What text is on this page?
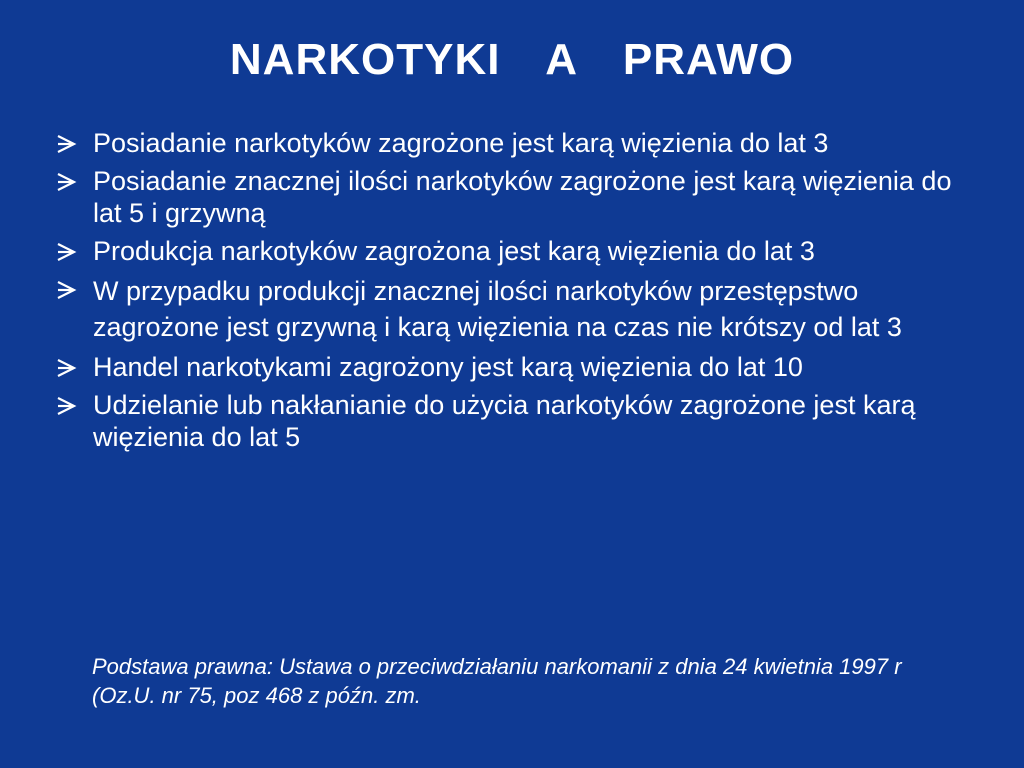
NARKOTYKI  A  PRAWO
Posiadanie narkotyków zagrożone jest karą więzienia do lat 3
Posiadanie znacznej ilości narkotyków zagrożone jest karą więzienia do lat 5 i grzywną
Produkcja narkotyków zagrożona jest karą więzienia do lat 3
W przypadku produkcji znacznej ilości narkotyków przestępstwo zagrożone jest grzywną i karą więzienia na czas nie krótszy od lat 3
Handel narkotykami zagrożony jest karą więzienia do lat 10
Udzielanie lub nakłanianie do użycia narkotyków zagrożone jest karą więzienia do lat 5
Podstawa prawna: Ustawa o przeciwdziałaniu narkomanii z dnia 24 kwietnia 1997 r (Oz.U. nr 75, poz 468 z późn. zm.
